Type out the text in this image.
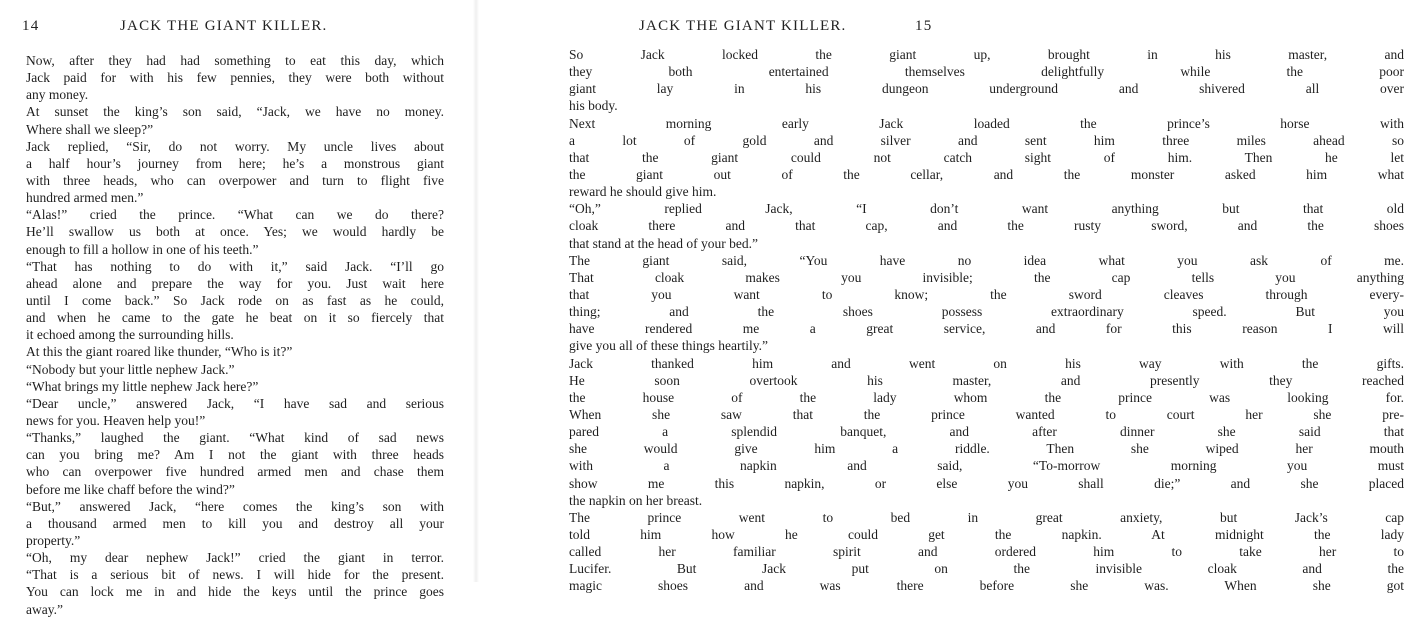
14	JACK THE GIANT KILLER.
Now, after they had had something to eat this day, which
Jack paid for with his few pennies, they were both without
any money.
At sunset the king’s son said, “Jack, we have no money.
Where shall we sleep?”
Jack replied, “Sir, do not worry. My uncle lives about
a half hour’s journey from here; he’s a monstrous giant
with three heads, who can overpower and turn to flight five
hundred armed men.”
“Alas!” cried the prince. “What can we do there?
He’ll swallow us both at once. Yes; we would hardly be
enough to fill a hollow in one of his teeth.”
“That has nothing to do with it,” said Jack. “I’ll go
ahead alone and prepare the way for you. Just wait here
until I come back.” So Jack rode on as fast as he could,
and when he came to the gate he beat on it so fiercely that
it echoed among the surrounding hills.
At this the giant roared like thunder, “Who is it?”
“Nobody but your little nephew Jack.”
“What brings my little nephew Jack here?”
“Dear uncle,” answered Jack, “I have sad and serious
news for you. Heaven help you!”
“Thanks,” laughed the giant. “What kind of sad news
can you bring me? Am I not the giant with three heads
who can overpower five hundred armed men and chase them
before me like chaff before the wind?”
“But,” answered Jack, “here comes the king’s son with
a thousand armed men to kill you and destroy all your
property.”
“Oh, my dear nephew Jack!” cried the giant in terror.
“That is a serious bit of news. I will hide for the present.
You can lock me in and hide the keys until the prince goes
away.”
JACK THE GIANT KILLER.	15
So Jack locked the giant up, brought in his master, and
they both entertained themselves delightfully while the poor
giant lay in his dungeon underground and shivered all over
his body.
Next morning early Jack loaded the prince’s horse with
a lot of gold and silver and sent him three miles ahead so
that the giant could not catch sight of him. Then he let
the giant out of the cellar, and the monster asked him what
reward he should give him.
“Oh,” replied Jack, “I don’t want anything but that old
cloak there and that cap, and the rusty sword, and the shoes
that stand at the head of your bed.”
The giant said, “You have no idea what you ask of me.
That cloak makes you invisible; the cap tells you anything
that you want to know; the sword cleaves through every-
thing; and the shoes possess extraordinary speed. But you
have rendered me a great service, and for this reason I will
give you all of these things heartily.”
Jack thanked him and went on his way with the gifts.
He soon overtook his master, and presently they reached
the house of the lady whom the prince was looking for.
When she saw that the prince wanted to court her she pre-
pared a splendid banquet, and after dinner she said that
she would give him a riddle. Then she wiped her mouth
with a napkin and said, “To-morrow morning you must
show me this napkin, or else you shall die;” and she placed
the napkin on her breast.
The prince went to bed in great anxiety, but Jack’s cap
told him how he could get the napkin. At midnight the lady
called her familiar spirit and ordered him to take her to
Lucifer. But Jack put on the invisible cloak and the
magic shoes and was there before she was. When she got
